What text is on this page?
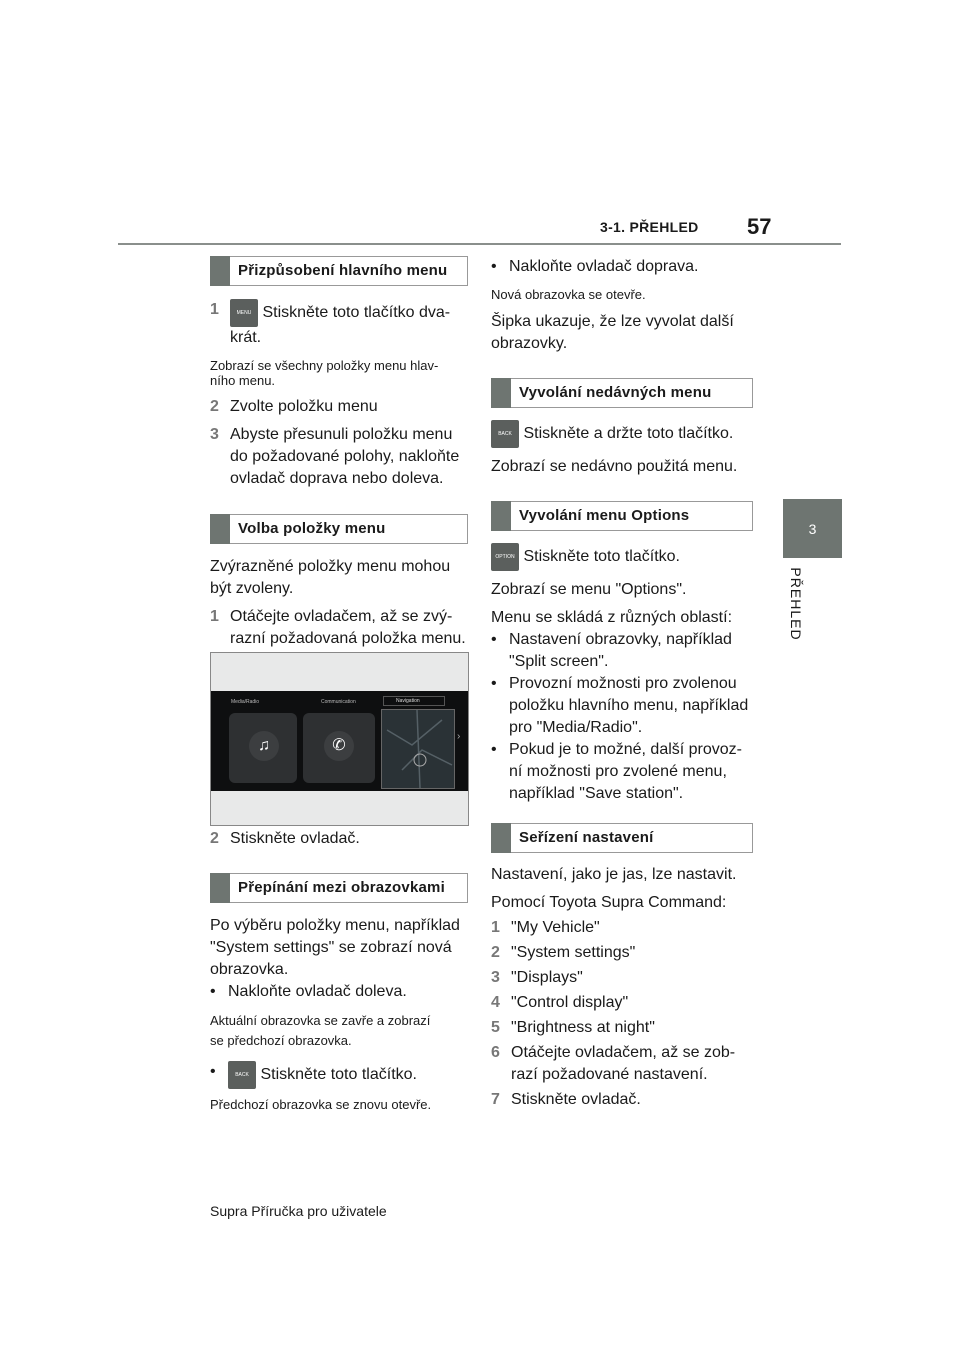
3-1. PŘEHLED 57
3
PŘEHLED
Přizpůsobení hlavního menu
1	MENU Stiskněte toto tlačítko dva-
krát.

Zobrazí se všechny položky menu hlav-
ního menu.

2 Zvolte položku menu
3 Abyste přesunuli položku menu
do požadované polohy, nakloňte
ovladač doprava nebo doleva.
Volba položky menu

Zvýrazněné položky menu mohou
být zvoleny.

1 Otáčejte ovladačem, až se zvý-
razní požadovaná položka menu.
Media/Radio	Communication	Navigation
♫	✆
›
2 Stiskněte ovladač.
Přepínání mezi obrazovkami

Po výběru položky menu, například
"System settings" se zobrazí nová
obrazovka.

• Nakloňte ovladač doleva.

Aktuální obrazovka se zavře a zobrazí
se předchozí obrazovka.

•	BACK Stiskněte toto tlačítko.

Předchozí obrazovka se znovu otevře.

• Nakloňte ovladač doprava.

Nová obrazovka se otevře.

Šipka ukazuje, že lze vyvolat další
obrazovky.

Vyvolání nedávných menu
BACK Stiskněte a držte toto tlačítko.

Zobrazí se nedávno použitá menu.

Vyvolání menu Options
OPTION Stiskněte toto tlačítko.

Zobrazí se menu "Options".

Menu se skládá z různých oblastí:

• Nastavení obrazovky, například
"Split screen".
• Provozní možnosti pro zvolenou
položku hlavního menu, například
pro "Media/Radio".
• Pokud je to možné, další provoz-
ní možnosti pro zvolené menu,
například "Save station".
Seřízení nastavení

Nastavení, jako je jas, lze nastavit.

Pomocí Toyota Supra Command:

1 "My Vehicle"
2 "System settings"
3 "Displays"
4 "Control display"
5 "Brightness at night"
6 Otáčejte ovladačem, až se zob-
razí požadované nastavení.
7 Stiskněte ovladač.
Supra Příručka pro uživatele
